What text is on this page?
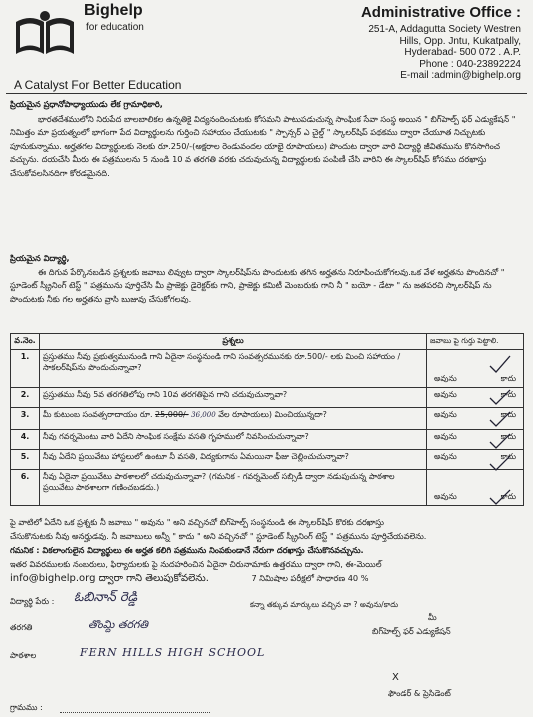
Bighelp
for education
A Catalyst For Better Education
Administrative Office :
251-A, Addagutta Society Westren
Hills, Opp. Jntu, Kukatpally,
Hyderabad- 500 072 . A.P.
Phone : 040-23892224
E-mail :admin@bighelp.org
ప్రియమైన ప్రధానోపాధ్యాయుడు లేక గ్రామాధికారి,
భారతదేశములోని నిరుపేద బాలబాలికల ఉన్నతికై విద్యనందించుటకు కోసమని పాటుపడుచున్న సాంఘిక సేవా సంస్థ అయిన " బిగ్‌హెల్ప్ ఫర్ ఎడ్యుకేషన్ " నిమిత్తం మా ప్రయత్నంలో భాగంగా పేద విద్యార్థులను గుర్తించి సహాయం చేయుటకు " స్పాన్సర్ ఎ చైల్డ్ " స్కాలర్‌షిప్ పథకము ద్వారా చేయూత నిచ్చుటకు పూనుకున్నాము. అర్హతగల విద్యార్థులకు నెలకు రూ.250/-(అక్షరాల రెండువందల యాభై రూపాయలు) పొందుట ద్వారా వారి విద్యార్థి జీవితమును కొనసాగించ వచ్చును. దయచేసి మీరు ఈ పత్రములను 5 నుండి 10 వ తరగతి వరకు చదువుచున్న విద్యార్థులకు పంపిణీ చేసి వారిని ఈ స్కాలర్‌షిప్ కోసము దరఖాస్తు చేసుకోవలసినదిగా కోరడమైనది.
ప్రియమైన విద్యార్థి,
ఈ దిగువ పేర్కొనబడిన ప్రశ్నలకు జవాబు లివ్వుట ద్వారా స్కాలర్‌షిప్‌ను పొందుటకు తగిన అర్హతను నిరూపించుకోగలవు.ఒక వేళ అర్హతను పొందినచో " స్టూడెంట్ స్క్రీనింగ్ టెస్ట్ " పత్రమును పూర్తిచేసి మీ ప్రాజెక్టు డైరెక్టర్‌కు గాని, ప్రాజెక్టు కమిటీ మెంబరుకు గాని నీ " బయో - డేటా " ను జతపరచి స్కాలర్‌షిప్ ను పొందుటకు నీకు గల అర్హతను వ్రాసి బుజువు చేసుకోగలవు.
వ.నెం.	ప్రశ్నలు	జవాబు పై గుర్తు పెట్టాలి.
1.	ప్రస్తుతము నీవు ప్రభుత్వమునుండి గాని ఏదైనా సంస్థనుండి గాని సంవత్సరమునకు రూ.500/- లకు మించి సహాయం / సాకలర్‌షిప్‌ను పొందుచున్నావా?	అవును కాదు

2.	ప్రస్తుతము నీవు 5వ తరగతిలోపు గాని 10వ తరగతిపైన గాని చదువుచున్నావా?	అవును కాదు

3.	మీ కుటుంబ సంవత్సరాదాయం రూ. 25,000/- 36,000 వేల రూపాయలు) మించియున్నదా?	అవును కాదు

4.	నీవు గవర్నమెంటు వారి ఏదేని సాంఘిక సంక్షేమ వసతి గృహములో నివసించుచున్నావా?	అవును కాదు

5.	నీవు ఏదేని ప్రయివేటు హాస్టలులో ఉంటూ నీ వసతి, విద్యకుగాను ఏమయినా ఫీజు చెల్లించుచున్నావా?	అవును కాదు

6.	నీవు ఏదైనా ప్రయివేటు పాఠశాలలో చదువుచున్నావా? (గమనిక - గవర్నమెంట్ సబ్సిడీ ద్వారా నడుపుచున్న పాఠశాల ప్రయివేటు పాఠశాలగా గణించబడదు.)	అవును కాదు
పై వాటిలో ఏదేని ఒక ప్రశ్నకు నీ జవాబు " అవును " అని వచ్చినచో బిగ్‌హెల్ప్ సంస్థనుండి ఈ స్కాలర్‌షిప్ కొరకు దరఖాస్తు
చేసుకొనుటకు నీవు అనర్హుడవు. నీ జవాబులు అన్నీ " కాదు " అని వచ్చినచో " స్టూడెంట్ స్క్రీనింగ్ టెస్ట్ " పత్రమును పూర్తిచేయవలెను.
గమనిక : వికలాంగులైన విద్యార్థులు ఈ అర్హత కలిగి పత్రమును నింపకుండానే నేరుగా దరఖాస్తు చేసుకొనవచ్చును.
ఇతర వివరములకు నంబరులు, ఫిర్యాదులకు పై నుదహరించిన ఏదైనా చిరునామాకు ఉత్తరము ద్వారా గాని, ఈ-మెయిల్
info@bighelp.org ద్వారా గాని తెలుపుకోవలెను.	7 నిమిషాల పరీక్షలో సాధారణ 40 %
కన్నా తక్కువ మార్కులు వచ్చిన వా ? అవును/కాదు
విద్యార్థి పేరు : ఓబినాన్ రెడ్డి
తరగతి	తొంమ్ది తరగతి
పాఠశాల	FERN HILLS HIGH SCHOOL
గ్రామము :
మీ
బిగ్‌హెల్ప్ ఫర్ ఎడ్యుకేషన్
X
ఫౌండర్ & ప్రెసిడెంట్
